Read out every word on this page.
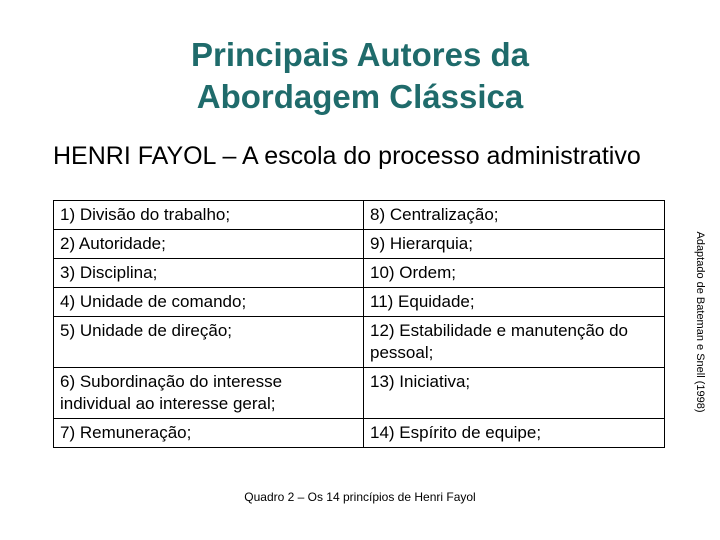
Principais Autores da
Abordagem Clássica
HENRI FAYOL – A escola do processo administrativo
1) Divisão do trabalho;	8) Centralização;
2) Autoridade;	9) Hierarquia;
3) Disciplina;	10) Ordem;
4) Unidade de comando;	11) Equidade;
5) Unidade de direção;	12) Estabilidade e manutenção do pessoal;
6) Subordinação do interesse individual ao interesse geral;	13) Iniciativa;
7) Remuneração;	14) Espírito de equipe;
Adaptado de Bateman e Snell (1998)
Quadro 2 – Os 14 princípios de Henri Fayol
